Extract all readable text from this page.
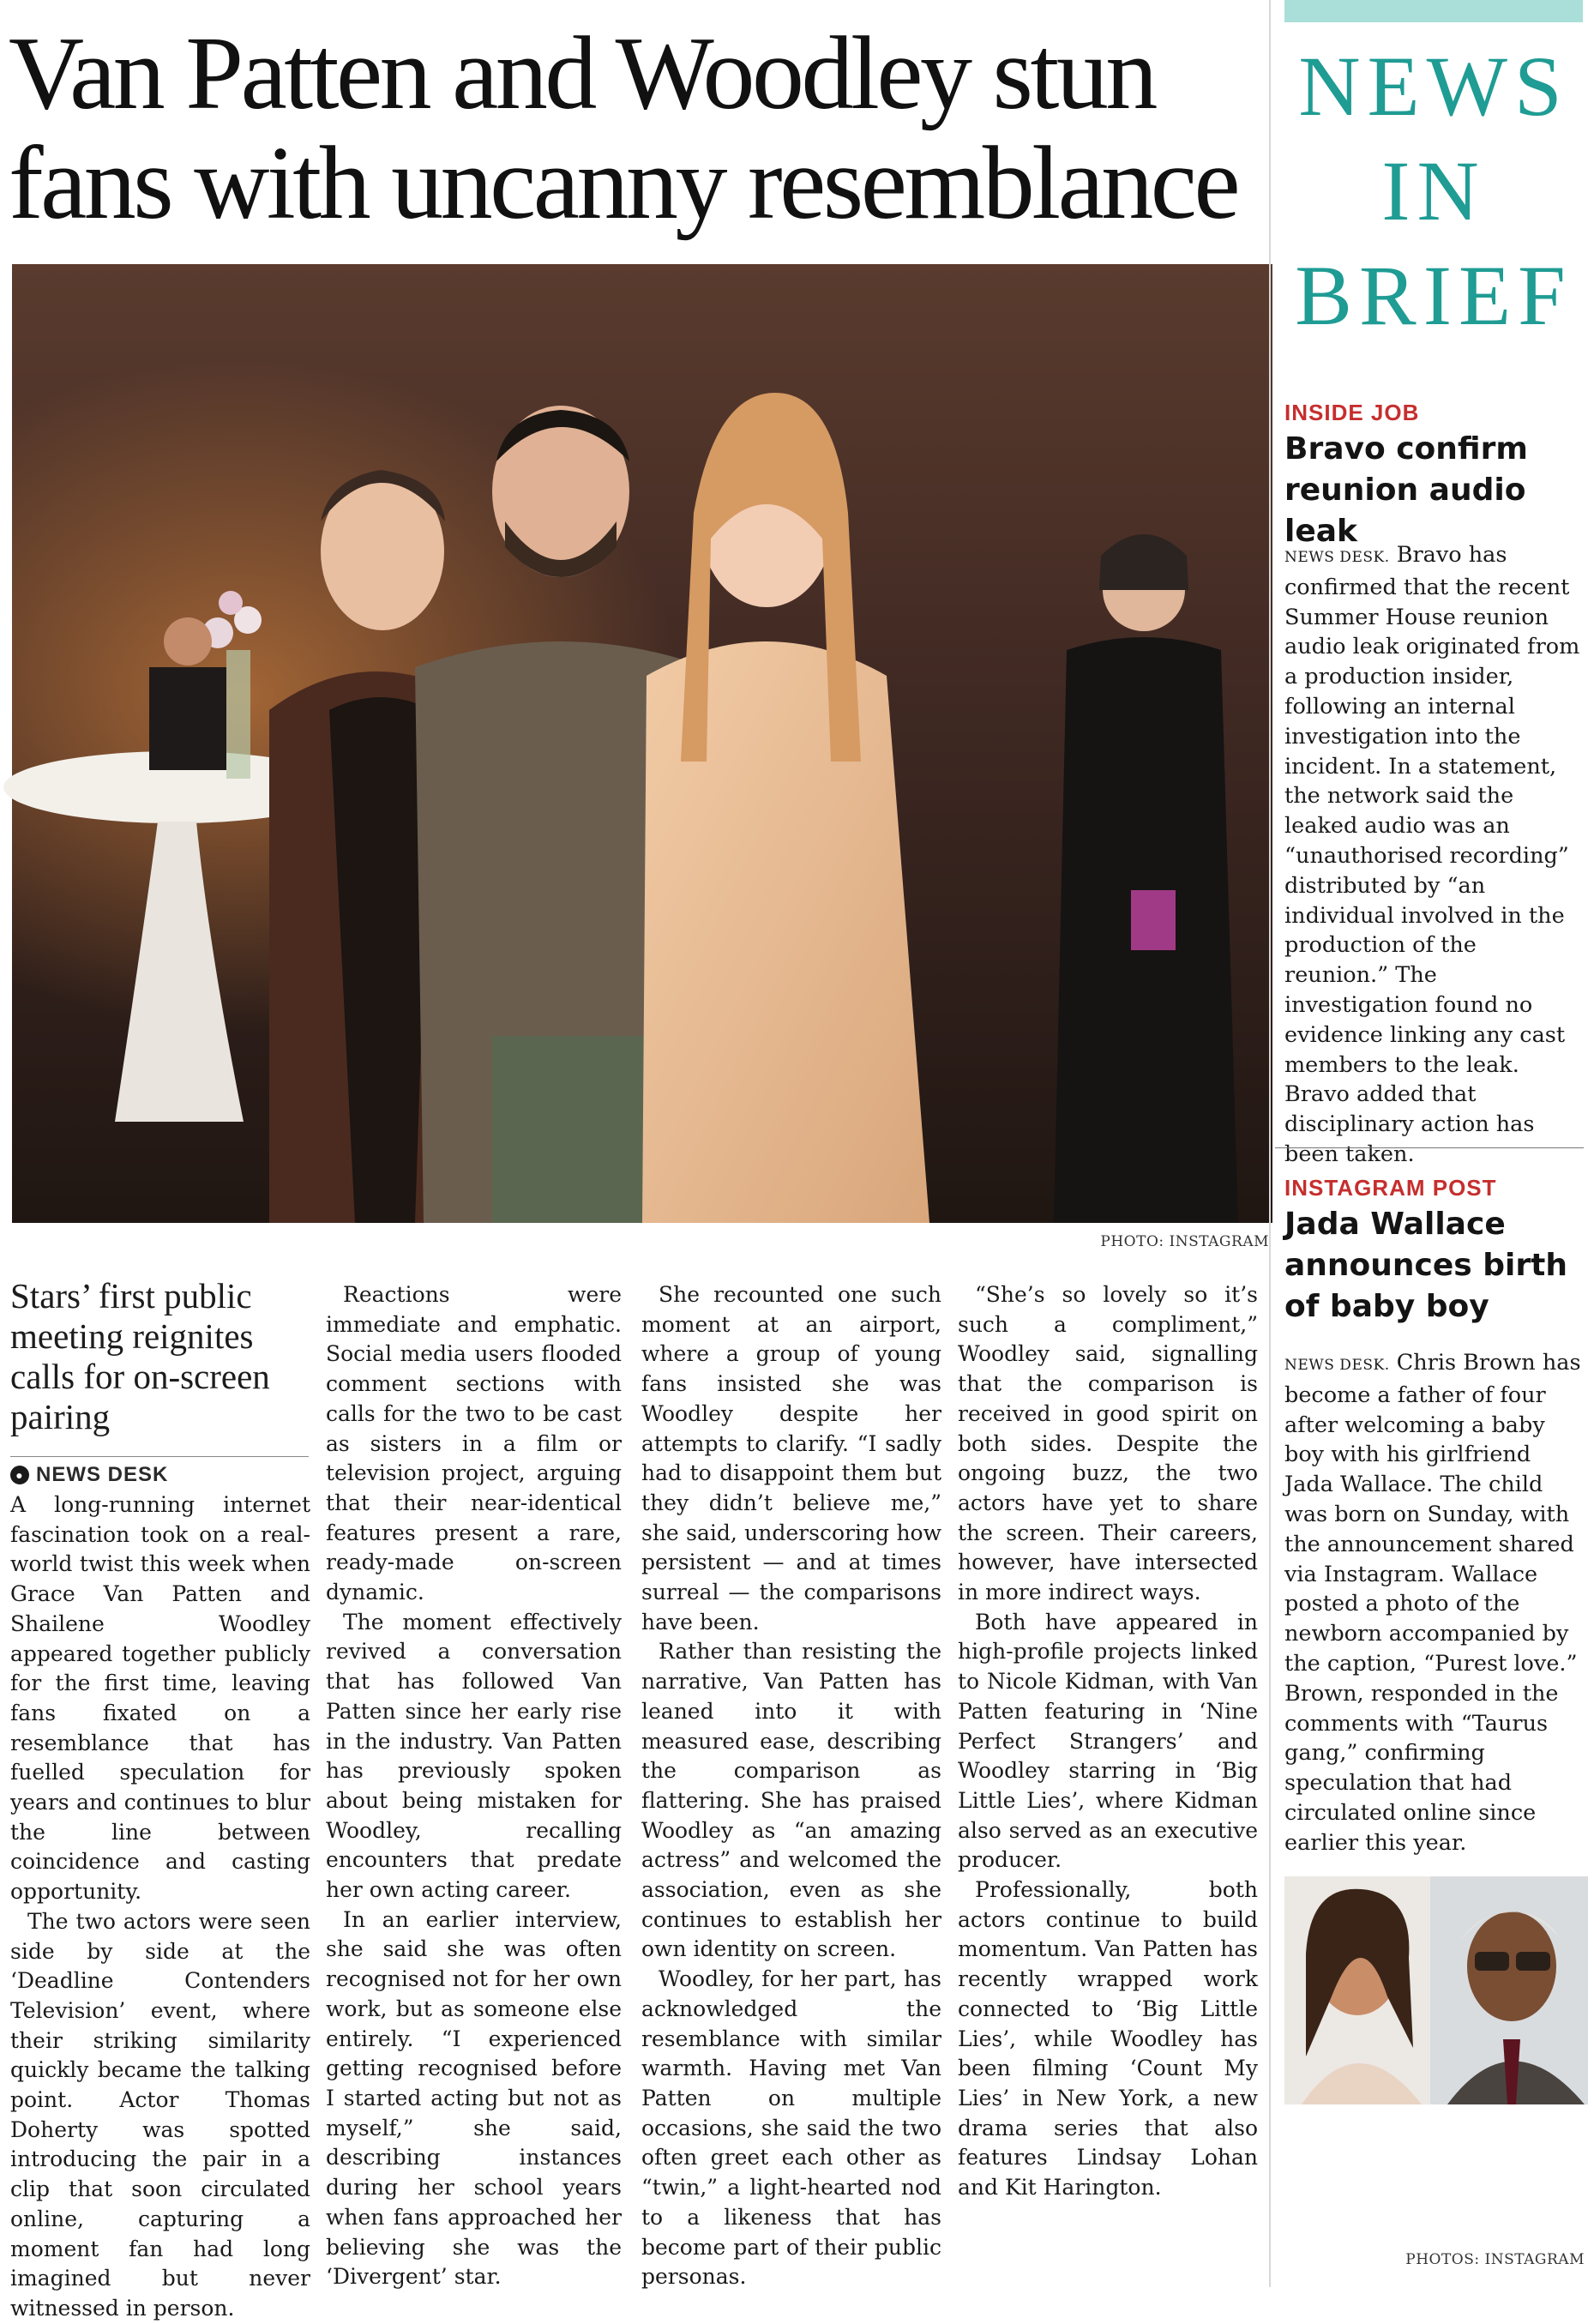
Van Patten and Woodley stun fans with uncanny resemblance
PHOTO: INSTAGRAM
Stars’ first public meeting reignites calls for on-screen pairing
● NEWS DESK

A long-running internet fascination took on a real-world twist this week when Grace Van Patten and Shailene Woodley appeared together publicly for the first time, leaving fans fixated on a resemblance that has fuelled speculation for years and continues to blur the line between coincidence and casting opportunity.

The two actors were seen side by side at the ‘Deadline Contenders Television’ event, where their striking similarity quickly became the talking point. Actor Thomas Doherty was spotted introducing the pair in a clip that soon circulated online, capturing a moment fan had long imagined but never witnessed in person.

Reactions were immediate and emphatic. Social media users flooded comment sections with calls for the two to be cast as sisters in a film or television project, arguing that their near-identical features present a rare, ready-made on-screen dynamic.

The moment effectively revived a conversation that has followed Van Patten since her early rise in the industry. Van Patten has previously spoken about being mistaken for Woodley, recalling encounters that predate her own acting career.

In an earlier interview, she said she was often recognised not for her own work, but as someone else entirely. “I experienced getting recognised before I started acting but not as myself,” she said, describing instances during her school years when fans approached her believing she was the ‘Divergent’ star.

She recounted one such moment at an airport, where a group of young fans insisted she was Woodley despite her attempts to clarify. “I sadly had to disappoint them but they didn’t believe me,” she said, underscoring how persistent — and at times surreal — the comparisons have been.

Rather than resisting the narrative, Van Patten has leaned into it with measured ease, describing the comparison as flattering. She has praised Woodley as “an amazing actress” and welcomed the association, even as she continues to establish her own identity on screen.

Woodley, for her part, has acknowledged the resemblance with similar warmth. Having met Van Patten on multiple occasions, she said the two often greet each other as “twin,” a light-hearted nod to a likeness that has become part of their public personas.

“She’s so lovely so it’s such a compliment,” Woodley said, signalling that the comparison is received in good spirit on both sides. Despite the ongoing buzz, the two actors have yet to share the screen. Their careers, however, have intersected in more indirect ways.

Both have appeared in high-profile projects linked to Nicole Kidman, with Van Patten featuring in ‘Nine Perfect Strangers’ and Woodley starring in ‘Big Little Lies’, where Kidman also served as an executive producer.

Professionally, both actors continue to build momentum. Van Patten has recently wrapped work connected to ‘Big Little Lies’, while Woodley has been filming ‘Count My Lies’ in New York, a new drama series that also features Lindsay Lohan and Kit Harington.

NEWS
IN
BRIEF
INSIDE JOB
Bravo confirm reunion audio leak

NEWS DESK. Bravo has confirmed that the recent Summer House reunion audio leak originated from a production insider, following an internal investigation into the incident. In a statement, the network said the leaked audio was an “unauthorised recording” distributed by “an individual involved in the production of the reunion.” The investigation found no evidence linking any cast members to the leak. Bravo added that disciplinary action has been taken.

INSTAGRAM POST
Jada Wallace announces birth of baby boy

NEWS DESK. Chris Brown has become a father of four after welcoming a baby boy with his girlfriend Jada Wallace. The child was born on Sunday, with the announcement shared via Instagram. Wallace posted a photo of the newborn accompanied by the caption, “Purest love.” Brown, responded in the comments with “Taurus gang,” confirming speculation that had circulated online since earlier this year.

PHOTOS: INSTAGRAM
